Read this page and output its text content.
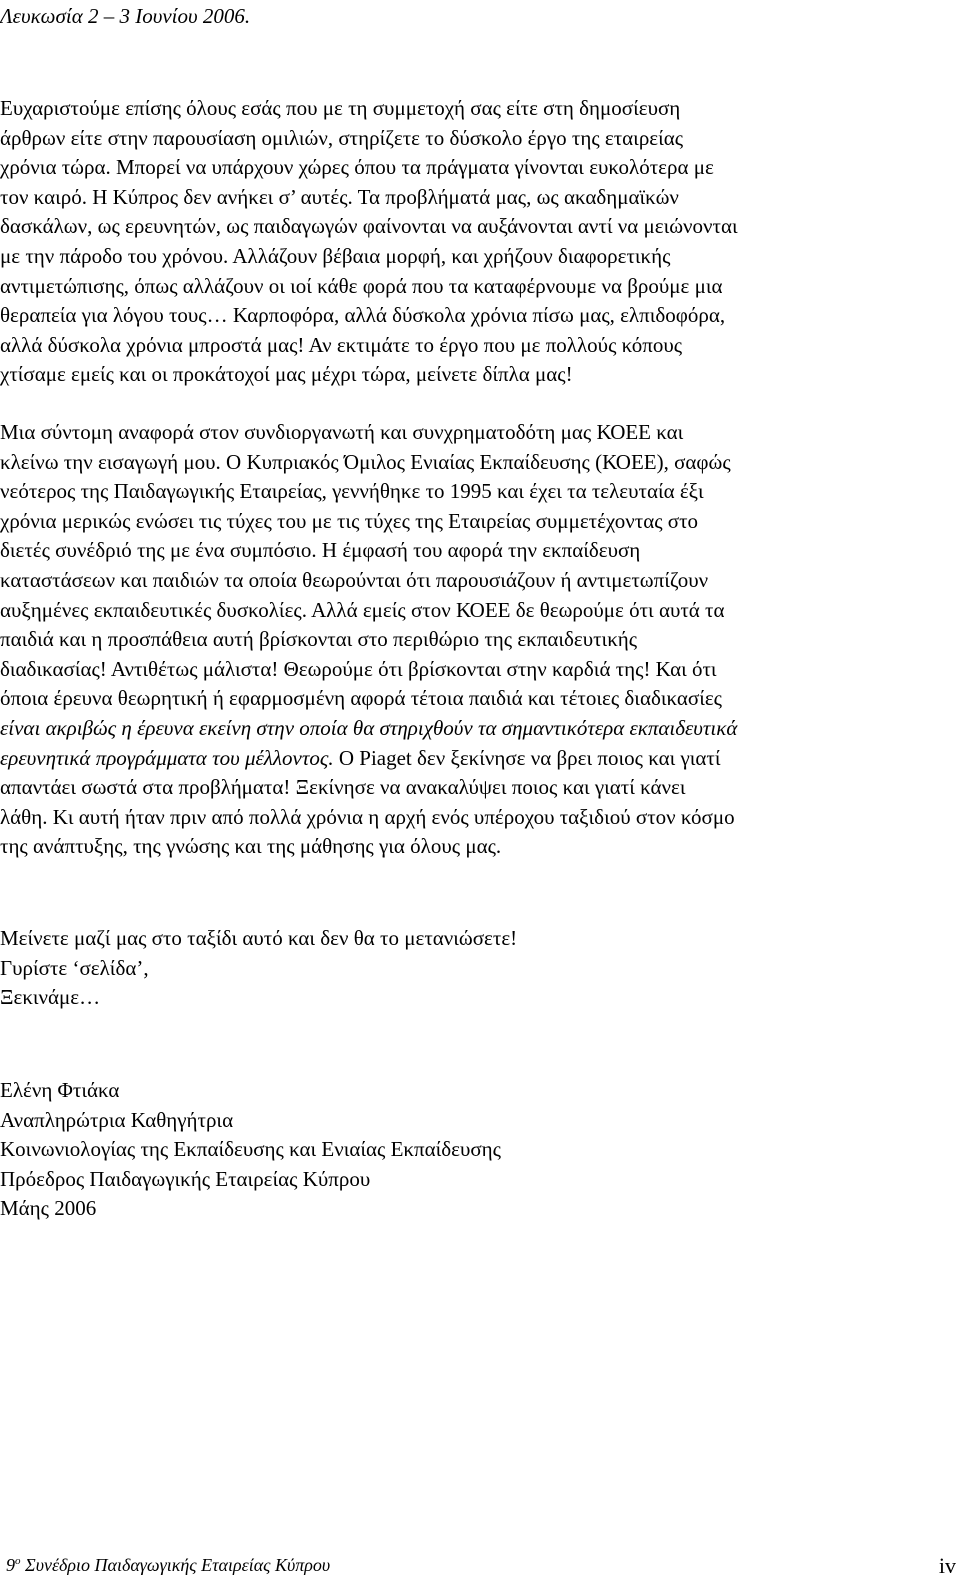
Λευκωσία 2 – 3 Ιουνίου 2006.
Ευχαριστούμε επίσης όλους εσάς που με τη συμμετοχή σας είτε στη δημοσίευση
άρθρων είτε στην παρουσίαση ομιλιών, στηρίζετε το δύσκολο έργο της εταιρείας
χρόνια τώρα. Μπορεί να υπάρχουν χώρες όπου τα πράγματα γίνονται ευκολότερα με
τον καιρό. Η Κύπρος δεν ανήκει σ’ αυτές. Τα προβλήματά μας, ως ακαδημαϊκών
δασκάλων, ως ερευνητών, ως παιδαγωγών φαίνονται να αυξάνονται αντί να μειώνονται
με την πάροδο του χρόνου. Αλλάζουν βέβαια μορφή, και χρήζουν διαφορετικής
αντιμετώπισης, όπως αλλάζουν οι ιοί κάθε φορά που τα καταφέρνουμε να βρούμε μια
θεραπεία για λόγου τους… Καρποφόρα, αλλά δύσκολα χρόνια πίσω μας, ελπιδοφόρα,
αλλά δύσκολα χρόνια μπροστά μας! Αν εκτιμάτε το έργο που με πολλούς κόπους
χτίσαμε εμείς και οι προκάτοχοί μας μέχρι τώρα, μείνετε δίπλα μας!
Μια σύντομη αναφορά στον συνδιοργανωτή και συνχρηματοδότη μας ΚΟΕΕ και
κλείνω την εισαγωγή μου. Ο Κυπριακός Όμιλος Ενιαίας Εκπαίδευσης (ΚΟΕΕ), σαφώς
νεότερος της Παιδαγωγικής Εταιρείας, γεννήθηκε το 1995 και έχει τα τελευταία έξι
χρόνια μερικώς ενώσει τις τύχες του με τις τύχες της Εταιρείας συμμετέχοντας στο
διετές συνέδριό της με ένα συμπόσιο. Η έμφασή του αφορά την εκπαίδευση
καταστάσεων και παιδιών τα οποία θεωρούνται ότι παρουσιάζουν ή αντιμετωπίζουν
αυξημένες εκπαιδευτικές δυσκολίες. Αλλά εμείς στον ΚΟΕΕ δε θεωρούμε ότι αυτά τα
παιδιά και η προσπάθεια αυτή βρίσκονται στο περιθώριο της εκπαιδευτικής
διαδικασίας! Αντιθέτως μάλιστα! Θεωρούμε ότι βρίσκονται στην καρδιά της! Και ότι
όποια έρευνα θεωρητική ή εφαρμοσμένη αφορά τέτοια παιδιά και τέτοιες διαδικασίες
είναι ακριβώς η έρευνα εκείνη στην οποία θα στηριχθούν τα σημαντικότερα εκπαιδευτικά
ερευνητικά προγράμματα του μέλλοντος. Ο Piaget δεν ξεκίνησε να βρει ποιος και γιατί
απαντάει σωστά στα προβλήματα! Ξεκίνησε να ανακαλύψει ποιος και γιατί κάνει
λάθη. Κι αυτή ήταν πριν από πολλά χρόνια η αρχή ενός υπέροχου ταξιδιού στον κόσμο
της ανάπτυξης, της γνώσης και της μάθησης για όλους μας.
Μείνετε μαζί μας στο ταξίδι αυτό και δεν θα το μετανιώσετε!
Γυρίστε ‘σελίδα’,
Ξεκινάμε…
Ελένη Φτιάκα
Αναπληρώτρια Καθηγήτρια
Κοινωνιολογίας της Εκπαίδευσης και Ενιαίας Εκπαίδευσης
Πρόεδρος Παιδαγωγικής Εταιρείας Κύπρου
Μάης 2006
$9^o$ Συνέδριο Παιδαγωγικής Εταιρείας Κύπρου	iv
